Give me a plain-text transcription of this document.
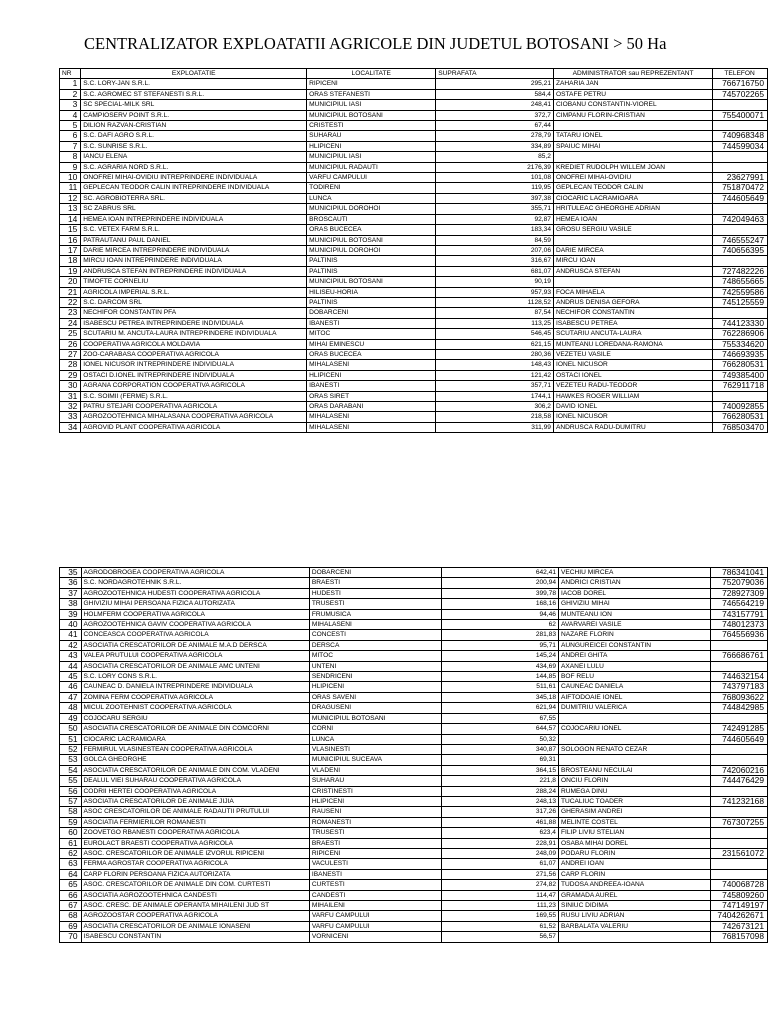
CENTRALIZATOR EXPLOATATII AGRICOLE DIN JUDETUL BOTOSANI > 50 Ha
NR	EXPLOATATIE	LOCALITATE	SUPRAFATA	ADMINISTRATOR sau REPREZENTANT	TELEFON
1	S.C. LORY-JAN S.R.L.	RIPICENI	295,21	ZAHARIA JAN	766716750
2	S.C. AGROMEC ST STEFANESTI S.R.L.	ORAS STEFANESTI	584,4	OSTAFE PETRU	745702265
3	SC SPECIAL-MILK SRL	MUNICIPIUL IASI	248,41	CIOBANU CONSTANTIN-VIOREL	
4	CAMPIOSERV POINT S.R.L.	MUNICIPIUL BOTOSANI	372,7	CIMPANU FLORIN-CRISTIAN	755400071
5	DILION RAZVAN-CRISTIAN	CRISTESTI	67,44		
6	S.C. DAFI AGRO S.R.L.	SUHARAU	278,79	TATARU IONEL	740968348
7	S.C. SUNRISE S.R.L.	HLIPICENI	334,89	SPAIUC MIHAI	744599034
8	IANCU ELENA	MUNICIPIUL IASI	85,2		
9	S.C. AGRARIA NORD S.R.L.	MUNICIPIUL RADAUTI	2176,39	KREDIET RUDOLPH WILLEM JOAN	
10	ONOFREI MIHAI-OVIDIU INTREPRINDERE INDIVIDUALA	VARFU CAMPULUI	101,08	ONOFREI MIHAI-OVIDIU	23627991
11	GEPLECAN TEODOR CALIN INTREPRINDERE INDIVIDUALA	TODIRENI	119,95	GEPLECAN TEODOR CALIN	751870472
12	SC. AGROBIOTERRA SRL.	LUNCA	397,38	CIOCARIC LACRAMIOARA	744605649
13	SC ZABRUS SRL	MUNICIPIUL DOROHOI	355,71	HRITULEAC GHEORGHE ADRIAN	
14	HEMEA IOAN INTREPRINDERE INDIVIDUALA	BROSCAUTI	92,87	HEMEA IOAN	742049463
15	S.C. VETEX FARM S.R.L.	ORAS BUCECEA	183,34	GROSU SERGIU VASILE	
16	PATRAUTANU PAUL DANIEL	MUNICIPIUL BOTOSANI	84,59		746555247
17	DARIE MIRCEA INTREPRINDERE INDIVIDUALA	MUNICIPIUL DOROHOI	207,06	DARIE MIRCEA	740656395
18	MIRCU IOAN INTREPRINDERE INDIVIDUALA	PALTINIS	316,67	MIRCU IOAN	
19	ANDRUSCA STEFAN INTREPRINDERE INDIVIDUALA	PALTINIS	681,07	ANDRUSCA STEFAN	727482226
20	TIMOFTE CORNELIU	MUNICIPIUL BOTOSANI	90,19		748655665
21	AGRICOLA IMPERIAL S.R.L.	HILISEU-HORIA	957,93	FOCA MIHAELA	742559586
22	S.C. DARCOM SRL	PALTINIS	1128,52	ANDRUS DENISA GEFORA	745125559
23	NECHIFOR CONSTANTIN PFA	DOBARCENI	87,54	NECHIFOR CONSTANTIN	
24	ISABESCU PETREA INTREPRINDERE INDIVIDUALA	IBANESTI	113,25	ISABESCU PETREA	744123330
25	SCUTARIU M. ANCUTA-LAURA INTREPRINDERE INDIVIDUALA	MITOC	546,45	SCUTARIU ANCUTA-LAURA	762286906
26	COOPERATIVA AGRICOLA MOLDAVIA	MIHAI EMINESCU	621,15	MUNTEANU LOREDANA-RAMONA	755334620
27	ZOO-CARABASA COOPERATIVA AGRICOLA	ORAS BUCECEA	280,36	VEZETEU VASILE	746693935
28	IONEL NICUSOR INTREPRINDERE INDIVIDUALA	MIHALASENI	148,43	IONEL NICUSOR	766280531
29	OSTACI D.IONEL INTREPRINDERE INDIVIDUALA	HLIPICENI	121,42	OSTACI IONEL	749385400
30	AGRANA CORPORATION COOPERATIVA AGRICOLA	IBANESTI	357,71	VEZETEU RADU-TEODOR	762911718
31	S.C. SOIMII (FERME) S.R.L.	ORAS SIRET	1744,1	HAWKES ROGER WILLIAM	
32	PATRU STEJARI COOPERATIVA AGRICOLA	ORAS DARABANI	306,2	DAVID IONEL	740092855
33	AGROZOOTEHNICA MIHALASANA COOPERATIVA AGRICOLA	MIHALASENI	218,58	IONEL NICUSOR	766280531
34	AGROVID PLANT COOPERATIVA AGRICOLA	MIHALASENI	311,99	ANDRUSCA RADU-DUMITRU	768503470
35	AGRODOBROGEA COOPERATIVA AGRICOLA	DOBARCENI	642,41	VECHIU MIRCEA	786341041
36	S.C. NORDAGROTEHNIK S.R.L.	BRAESTI	200,94	ANDRICI CRISTIAN	752079036
37	AGROZOOTEHNICA HUDESTI COOPERATIVA AGRICOLA	HUDESTI	399,78	IACOB DOREL	728927309
38	GHIVIZIU MIHAI PERSOANA FIZICA AUTORIZATA	TRUSESTI	168,16	GHIVIZIU MIHAI	746564219
39	HOLMFERM COOPERATIVA AGRICOLA	FRUMUSICA	94,46	MUNTEANU ION	743157791
40	AGROZOOTEHNICA GAVIV COOPERATIVA AGRICOLA	MIHALASENI	62	AVARVAREI VASILE	748012373
41	CONCEASCA COOPERATIVA AGRICOLA	CONCESTI	281,83	NAZARE FLORIN	764556936
42	ASOCIATIA CRESCATORILOR DE ANIMALE M.A.D DERSCA	DERSCA	95,71	AUNGUREICEI CONSTANTIN	
43	VALEA PRUTULUI COOPERATIVA AGRICOLA	MITOC	145,24	ANDREI GHITA	766686761
44	ASOCIATIA CRESCATORILOR DE ANIMALE AMC UNTENI	UNTENI	434,69	AXANEI LULU	
45	S.C. LORY CONS S.R.L.	SENDRICENI	144,85	BOF RELU	744632154
46	CAUNEAC D. DANIELA INTREPRINDERE INDIVIDUALA	HLIPICENI	511,61	CAUNEAC DANIELA	743797183
47	ZOMINA FERM COOPERATIVA AGRICOLA	ORAS SAVENI	345,18	AIFTODOAIE IONEL	768093622
48	MICUL ZOOTEHNIST COOPERATIVA AGRICOLA	DRAGUSENI	621,94	DUMITRIU VALERICA	744842985
49	COJOCARU SERGIU	MUNICIPIUL BOTOSANI	67,55		
50	ASOCIATIA CRESCATORILOR DE ANIMALE DIN COMCORNI	CORNI	644,57	COJOCARIU IONEL	742491285
51	CIOCARIC LACRAMIOARA	LUNCA	50,32		744605649
52	FERMIRUL VLASINESTEAN COOPERATIVA AGRICOLA	VLASINESTI	340,87	SOLOGON RENATO CEZAR	
53	GOLCA GHEORGHE	MUNICIPIUL SUCEAVA	69,31		
54	ASOCIATIA CRESCATORILOR DE ANIMALE DIN COM. VLADENI	VLADENI	364,15	BROSTEANU NECULAI	742060216
55	DEALUL VIEI SUHARAU COOPERATIVA AGRICOLA	SUHARAU	221,8	ONCIU FLORIN	744476429
56	CODRII HERTEI COOPERATIVA AGRICOLA	CRISTINESTI	288,24	RUMEGA DINU	
57	ASOCIATIA CRESCATORILOR DE ANIMALE JIJIA	HLIPICENI	248,13	TUCALIUC TOADER	741232168
58	ASOC CRESCATORILOR DE ANIMALE RADAUTII PRUTULUI	RAUSENI	317,26	GHERASIM ANDREI	
59	ASOCIATIA FERMIERILOR ROMANESTI	ROMANESTI	461,88	MELINTE COSTEL	767307255
60	ZOOVETGO RBANESTI COOPERATIVA AGRICOLA	TRUSESTI	623,4	FILIP LIVIU STELIAN	
61	EUROLACT BRAESTI COOPERATIVA AGRICOLA	BRAESTI	228,91	OSABA MIHAI DOREL	
62	ASOC. CRESCATORILOR DE ANIMALE IZVORUL RIPICENI	RIPICENI	248,09	PODARU FLORIN	231561072
63	FERMA AGROSTAR COOPERATIVA AGRICOLA	VACULESTI	61,07	ANDREI IOAN	
64	CARP FLORIN PERSOANA FIZICA AUTORIZATA	IBANESTI	271,56	CARP FLORIN	
65	ASOC. CRESCATORILOR DE ANIMALE DIN COM. CURTESTI	CURTESTI	274,82	TUDOSA ANDREEA-IOANA	740068728
66	ASOCIATIA AGROZOOTEHNICA CANDESTI	CANDESTI	114,47	GRAMADA AUREL	745809260
67	ASOC. CRESC. DE ANIMALE OPERANTA MIHAILENI JUD ST	MIHAILENI	111,23	SINIUC DIDIMA	747149197
68	AGROZOOSTAR COOPERATIVA AGRICOLA	VARFU CAMPULUI	169,55	RUSU LIVIU ADRIAN	7404262671
69	ASOCIATIA CRESCATORILOR DE ANIMALE IONASENI	VARFU CAMPULUI	61,52	BARBALATA VALERIU	742673121
70	ISABESCU CONSTANTIN	VORNICENI	56,57		768157098
